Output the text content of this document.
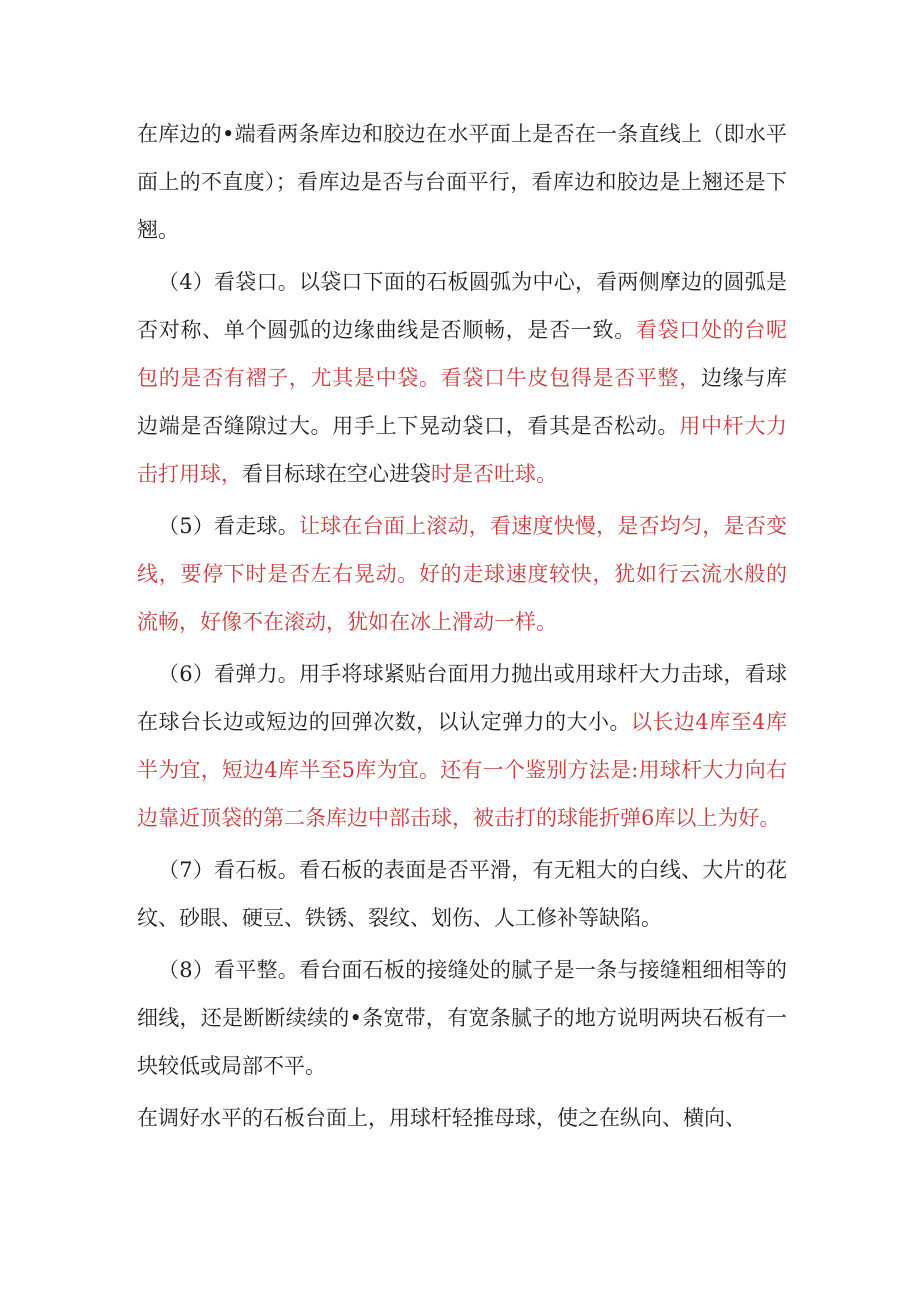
在库边的•端看两条库边和胶边在水平面上是否在一条直线上（即水平面上的不直度）；看库边是否与台面平行，看库边和胶边是上翘还是下翘。

（4）看袋口。以袋口下面的石板圆弧为中心，看两侧摩边的圆弧是否对称、单个圆弧的边缘曲线是否顺畅，是否一致。看袋口处的台呢包的是否有褶子，尤其是中袋。看袋口牛皮包得是否平整，边缘与库边端是否缝隙过大。用手上下晃动袋口，看其是否松动。用中杆大力击打用球，看目标球在空心进袋时是否吐球。

（5）看走球。让球在台面上滚动，看速度快慢，是否均匀，是否变线，要停下时是否左右晃动。好的走球速度较快，犹如行云流水般的流畅，好像不在滚动，犹如在冰上滑动一样。

（6）看弹力。用手将球紧贴台面用力抛出或用球杆大力击球，看球在球台长边或短边的回弹次数，以认定弹力的大小。以长边4库至4库半为宜，短边4库半至5库为宜。还有一个鉴别方法是:用球杆大力向右边靠近顶袋的第二条库边中部击球，被击打的球能折弹6库以上为好。

（7）看石板。看石板的表面是否平滑，有无粗大的白线、大片的花纹、砂眼、硬豆、铁锈、裂纹、划伤、人工修补等缺陷。

（8）看平整。看台面石板的接缝处的腻子是一条与接缝粗细相等的细线，还是断断续续的•条宽带，有宽条腻子的地方说明两块石板有一块较低或局部不平。

在调好水平的石板台面上，用球杆轻推母球，使之在纵向、横向、
